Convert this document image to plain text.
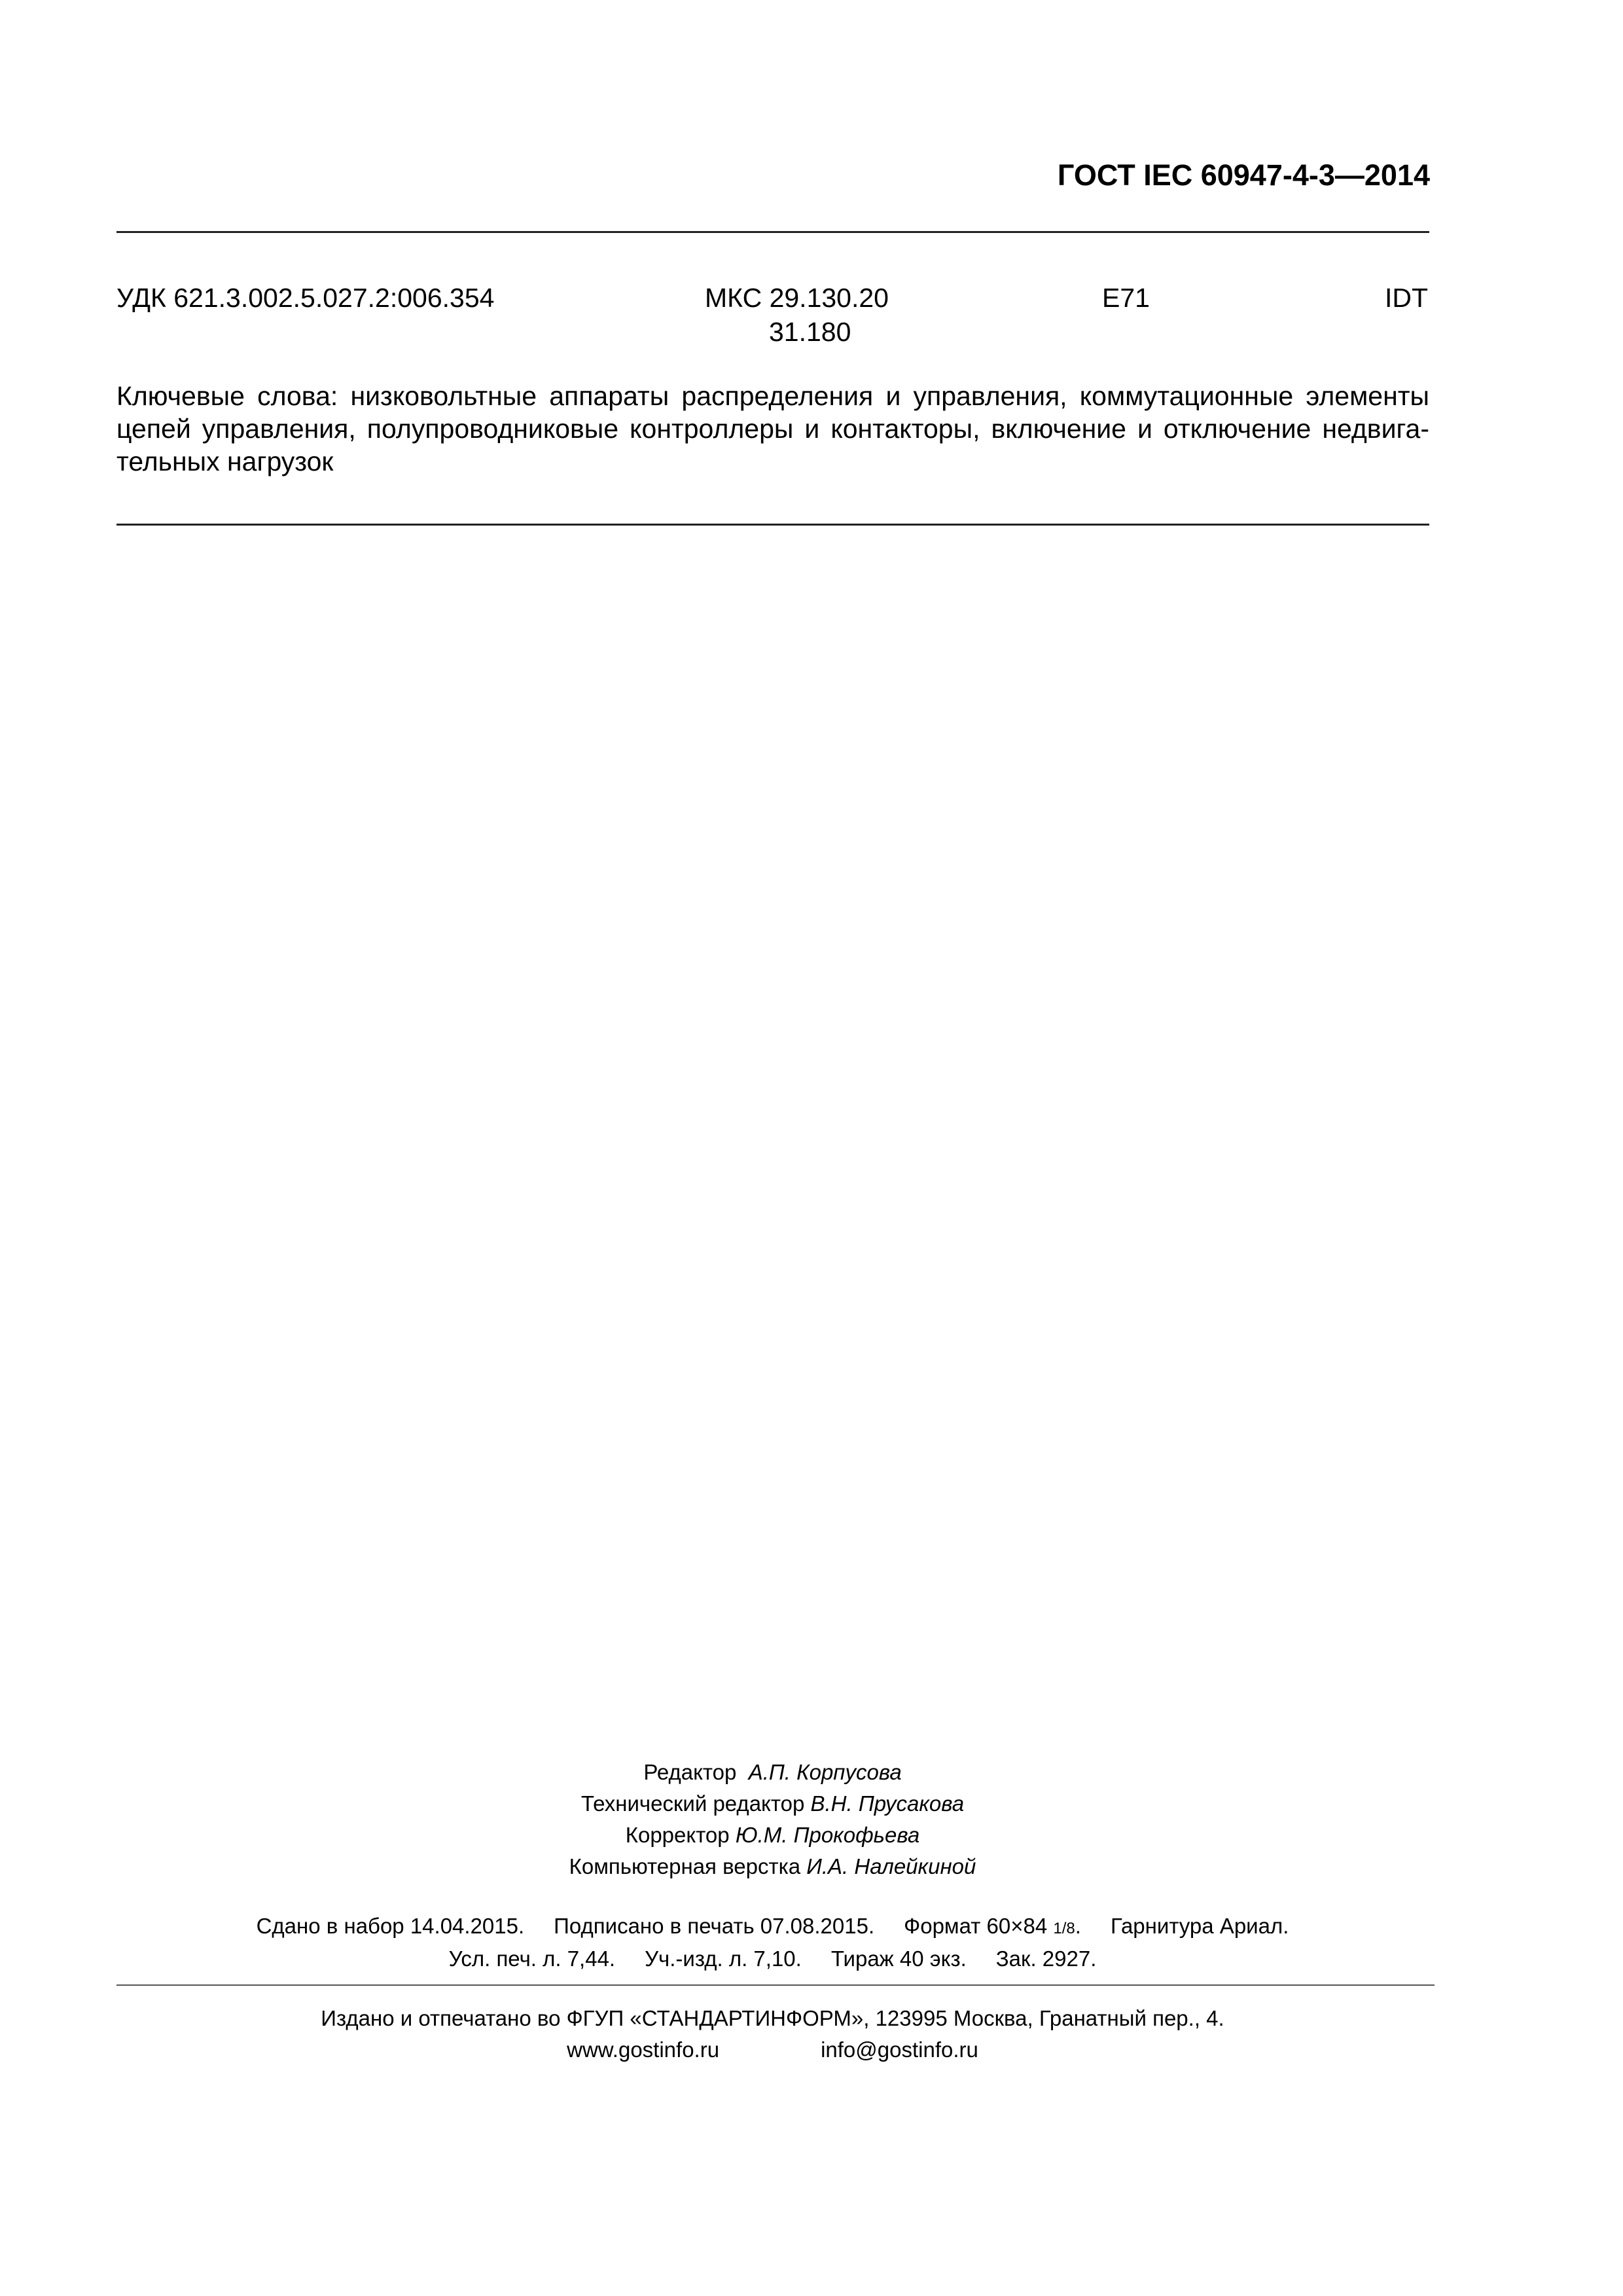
ГОСТ IEC 60947-4-3—2014
УДК 621.3.002.5.027.2:006.354	МКС 29.130.20
31.180
Е71	IDT
Ключевые слова: низковольтные аппараты распределения и управления, коммутационные элементы цепей управления, полупроводниковые контроллеры и контакторы, включение и отключение недвига-тельных нагрузок
Редактор А.П. Корпусова
Технический редактор В.Н. Прусакова
Корректор Ю.М. Прокофьева
Компьютерная верстка И.А. Налейкиной
Сдано в набор 14.04.2015. Подписано в печать 07.08.2015. Формат 60×84 1/8. Гарнитура Ариал.
Усл. печ. л. 7,44. Уч.-изд. л. 7,10. Тираж 40 экз. Зак. 2927.
Издано и отпечатано во ФГУП «СТАНДАРТИНФОРМ», 123995 Москва, Гранатный пер., 4.
www.gostinfo.ru	info@gostinfo.ru
